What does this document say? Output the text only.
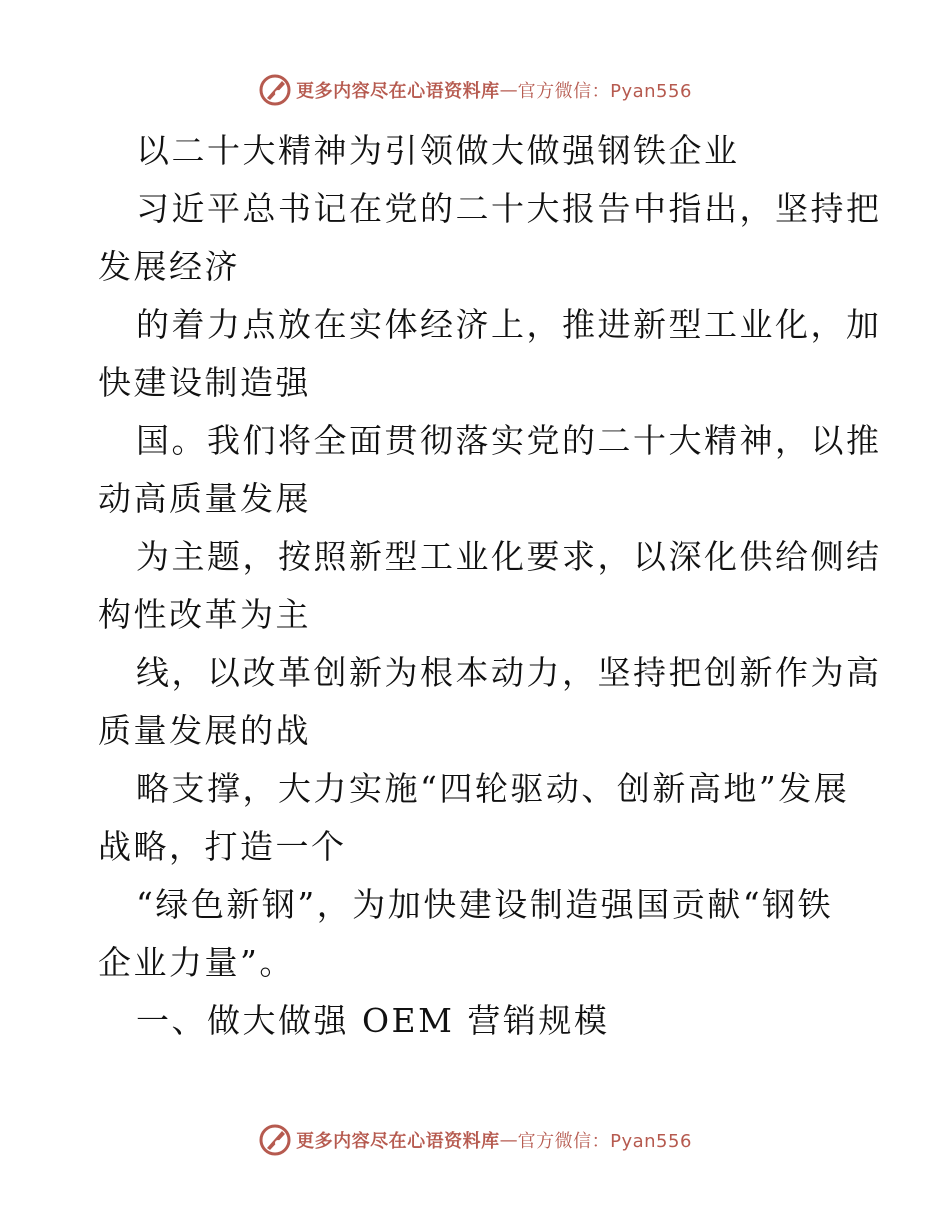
更多内容尽在心语资料库 — 官方微信：Pyan556
以二十大精神为引领做大做强钢铁企业
习近平总书记在党的二十大报告中指出，坚持把
发展经济
的着力点放在实体经济上，推进新型工业化，加
快建设制造强
国。我们将全面贯彻落实党的二十大精神，以推
动高质量发展
为主题，按照新型工业化要求，以深化供给侧结
构性改革为主
线，以改革创新为根本动力，坚持把创新作为高
质量发展的战
略支撑，大力实施“四轮驱动、创新高地”发展
战略，打造一个
“绿色新钢”，为加快建设制造强国贡献“钢铁
企业力量”。
一、做大做强 OEM 营销规模
更多内容尽在心语资料库 — 官方微信：Pyan556
